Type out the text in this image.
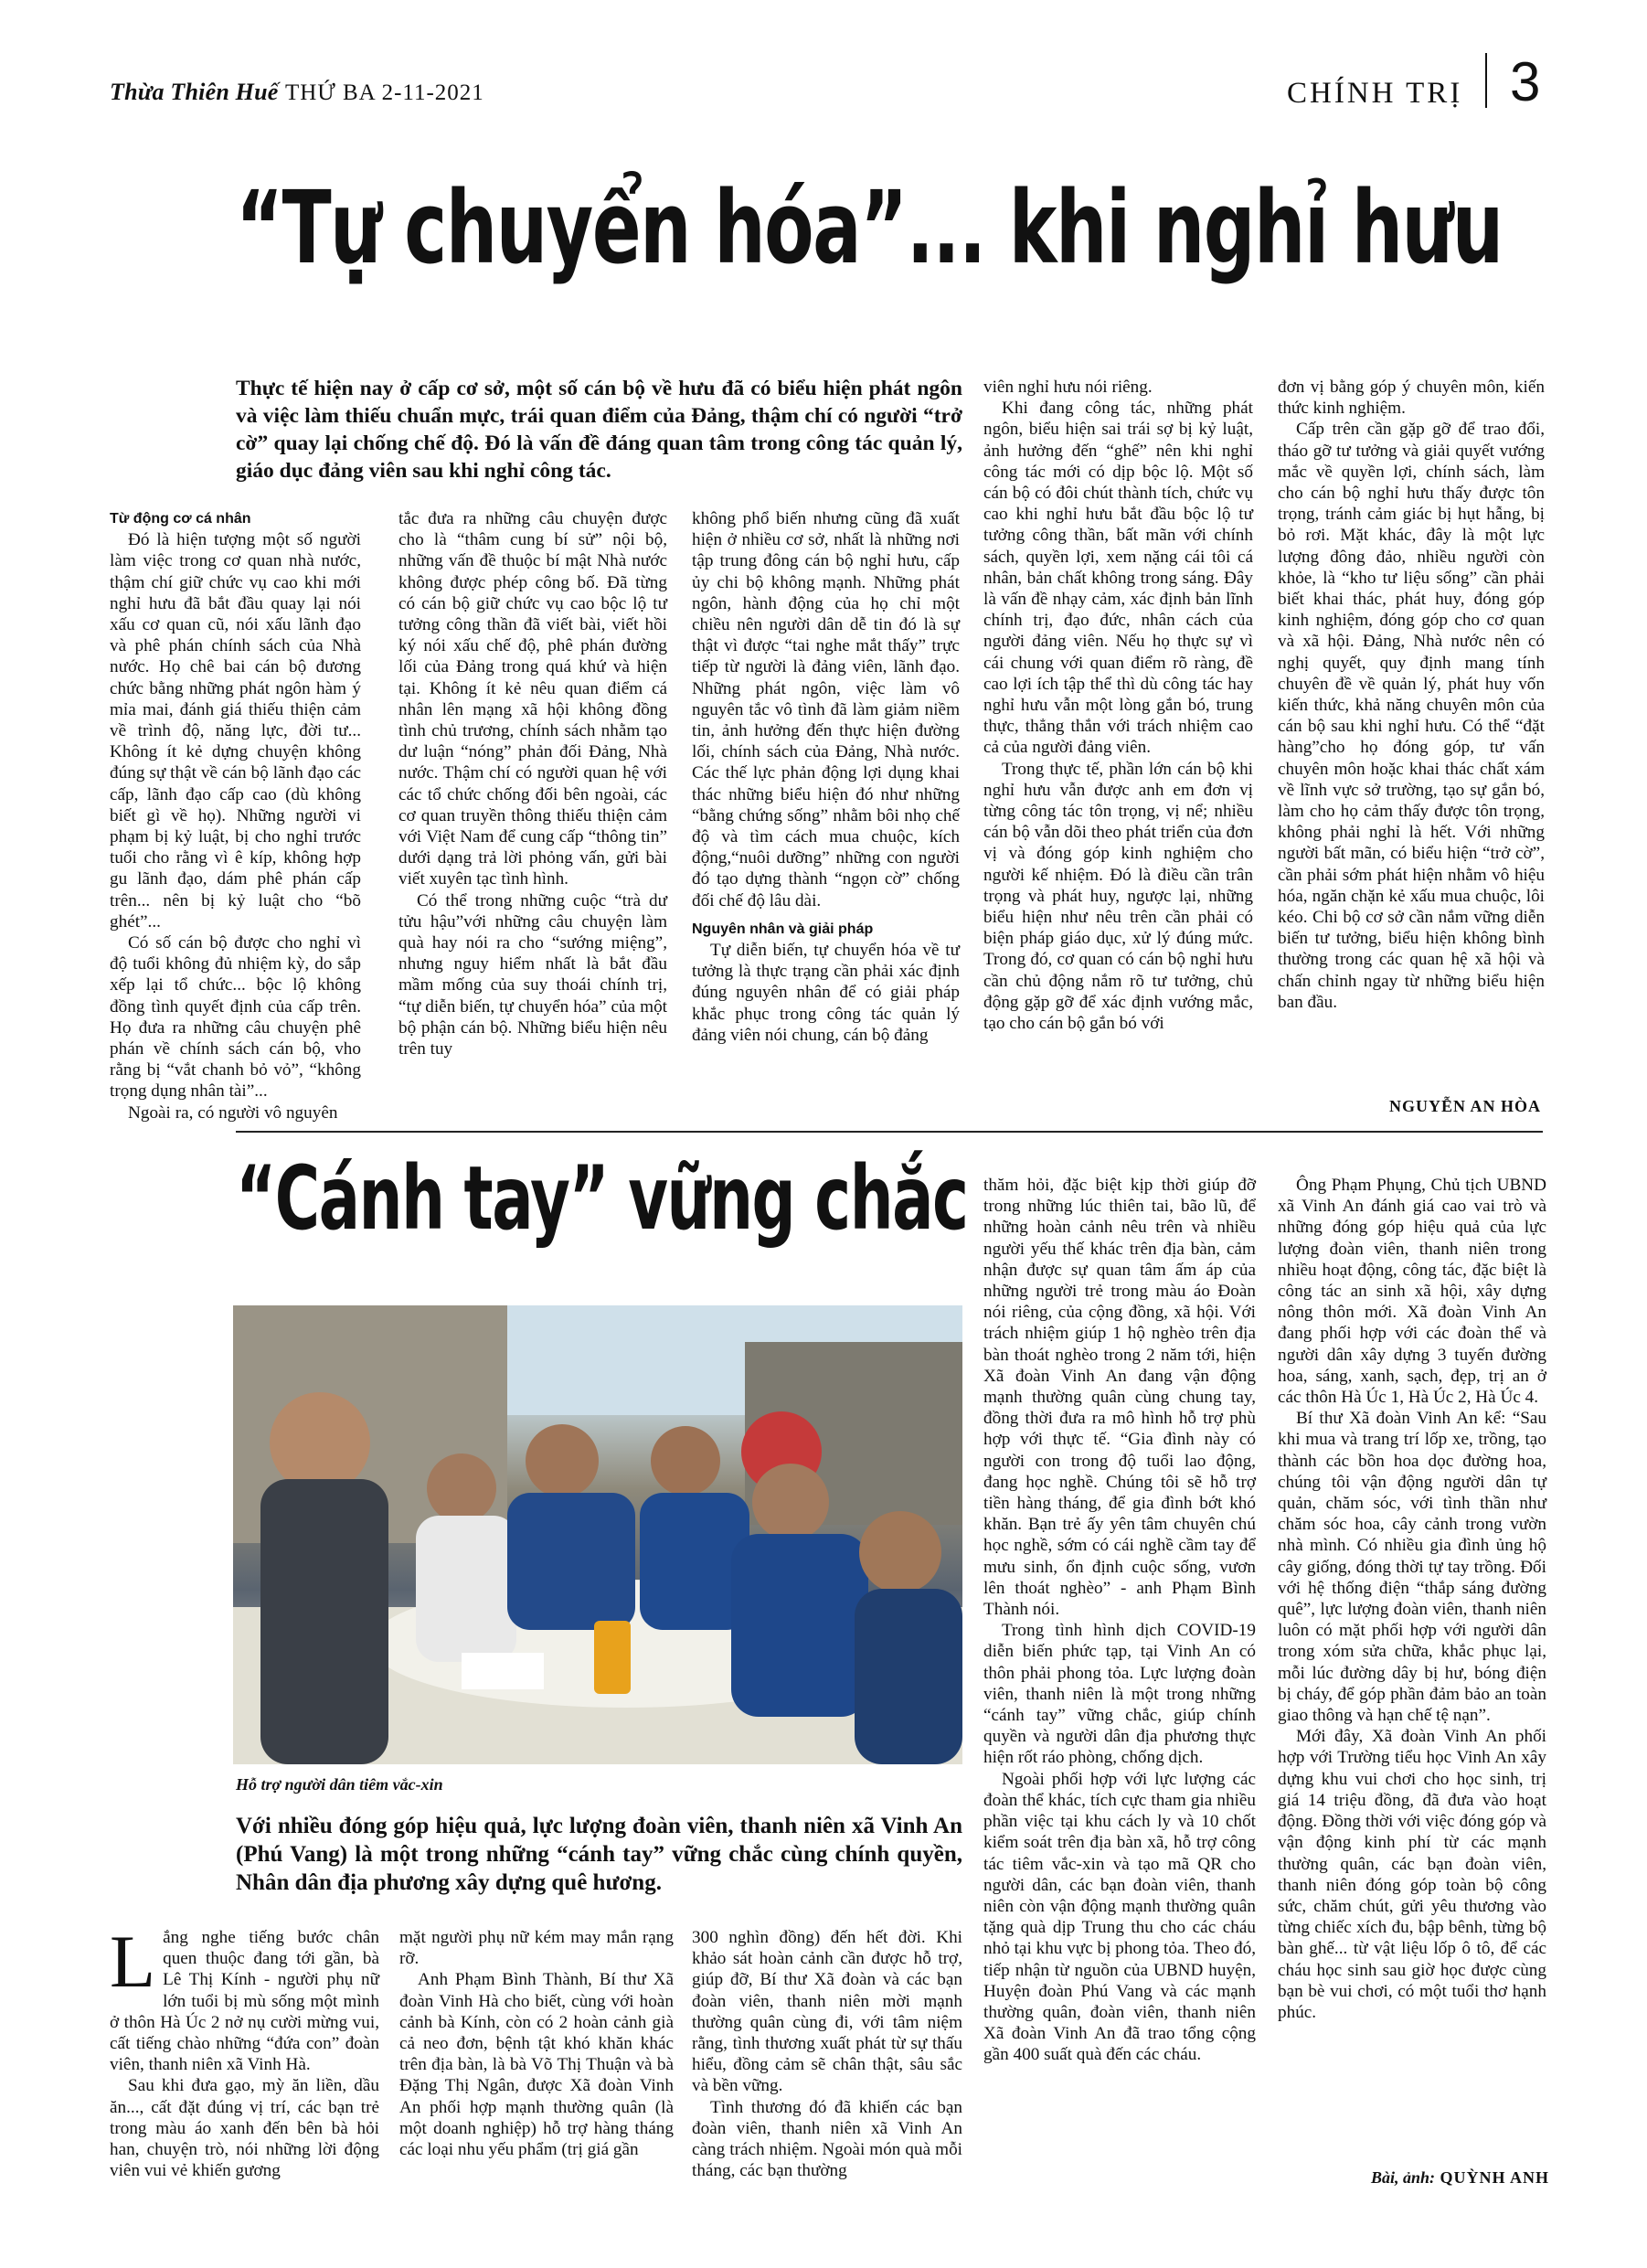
Thừa Thiên Huế THỨ BA 2-11-2021	CHÍNH TRỊ 3
“Tự chuyển hóa”... khi nghỉ hưu
Thực tế hiện nay ở cấp cơ sở, một số cán bộ về hưu đã có biểu hiện phát ngôn và việc làm thiếu chuẩn mực, trái quan điểm của Đảng, thậm chí có người “trở cờ” quay lại chống chế độ. Đó là vấn đề đáng quan tâm trong công tác quản lý, giáo dục đảng viên sau khi nghỉ công tác.

Từ động cơ cá nhân

Đó là hiện tượng một số người làm việc trong cơ quan nhà nước, thậm chí giữ chức vụ cao khi mới nghỉ hưu đã bắt đầu quay lại nói xấu cơ quan cũ, nói xấu lãnh đạo và phê phán chính sách của Nhà nước. Họ chê bai cán bộ đương chức bằng những phát ngôn hàm ý mỉa mai, đánh giá thiếu thiện cảm về trình độ, năng lực, đời tư... Không ít kẻ dựng chuyện không đúng sự thật về cán bộ lãnh đạo các cấp, lãnh đạo cấp cao (dù không biết gì về họ). Những người vi phạm bị kỷ luật, bị cho nghỉ trước tuổi cho rằng vì ê kíp, không hợp gu lãnh đạo, dám phê phán cấp trên... nên bị kỷ luật cho “bõ ghét”...

Có số cán bộ được cho nghỉ vì độ tuổi không đủ nhiệm kỳ, do sắp xếp lại tổ chức... bộc lộ không đồng tình quyết định của cấp trên. Họ đưa ra những câu chuyện phê phán về chính sách cán bộ, vho rằng bị “vắt chanh bỏ vỏ”, “không trọng dụng nhân tài”...

Ngoài ra, có người vô nguyên

tắc đưa ra những câu chuyện được cho là “thâm cung bí sử” nội bộ, những vấn đề thuộc bí mật Nhà nước không được phép công bố. Đã từng có cán bộ giữ chức vụ cao bộc lộ tư tưởng công thần đã viết bài, viết hồi ký nói xấu chế độ, phê phán đường lối của Đảng trong quá khứ và hiện tại. Không ít kẻ nêu quan điểm cá nhân lên mạng xã hội không đồng tình chủ trương, chính sách nhằm tạo dư luận “nóng” phản đối Đảng, Nhà nước. Thậm chí có người quan hệ với các tổ chức chống đối bên ngoài, các cơ quan truyền thông thiếu thiện cảm với Việt Nam để cung cấp “thông tin” dưới dạng trả lời phỏng vấn, gửi bài viết xuyên tạc tình hình.

Có thể trong những cuộc “trà dư tửu hậu”với những câu chuyện làm quà hay nói ra cho “sướng miệng”, nhưng nguy hiểm nhất là bắt đầu mầm mống của suy thoái chính trị, “tự diễn biến, tự chuyển hóa” của một bộ phận cán bộ. Những biểu hiện nêu trên tuy

không phổ biến nhưng cũng đã xuất hiện ở nhiều cơ sở, nhất là những nơi tập trung đông cán bộ nghỉ hưu, cấp ủy chi bộ không mạnh. Những phát ngôn, hành động của họ chỉ một chiều nên người dân dễ tin đó là sự thật vì được “tai nghe mắt thấy” trực tiếp từ người là đảng viên, lãnh đạo. Những phát ngôn, việc làm vô nguyên tắc vô tình đã làm giảm niềm tin, ảnh hưởng đến thực hiện đường lối, chính sách của Đảng, Nhà nước. Các thế lực phản động lợi dụng khai thác những biểu hiện đó như những “bằng chứng sống” nhằm bôi nhọ chế độ và tìm cách mua chuộc, kích động,“nuôi dưỡng” những con người đó tạo dựng thành “ngọn cờ” chống đối chế độ lâu dài.

Nguyên nhân và giải pháp

Tự diễn biến, tự chuyển hóa về tư tưởng là thực trạng cần phải xác định đúng nguyên nhân để có giải pháp khắc phục trong công tác quản lý đảng viên nói chung, cán bộ đảng

viên nghỉ hưu nói riêng.

Khi đang công tác, những phát ngôn, biểu hiện sai trái sợ bị kỷ luật, ảnh hưởng đến “ghế” nên khi nghỉ công tác mới có dịp bộc lộ. Một số cán bộ có đôi chút thành tích, chức vụ cao khi nghỉ hưu bắt đầu bộc lộ tư tưởng công thần, bất mãn với chính sách, quyền lợi, xem nặng cái tôi cá nhân, bản chất không trong sáng. Đây là vấn đề nhạy cảm, xác định bản lĩnh chính trị, đạo đức, nhân cách của người đảng viên. Nếu họ thực sự vì cái chung với quan điểm rõ ràng, đề cao lợi ích tập thể thì dù công tác hay nghỉ hưu vẫn một lòng gắn bó, trung thực, thẳng thắn với trách nhiệm cao cả của người đảng viên.

Trong thực tế, phần lớn cán bộ khi nghỉ hưu vẫn được anh em đơn vị từng công tác tôn trọng, vị nể; nhiều cán bộ vẫn dõi theo phát triển của đơn vị và đóng góp kinh nghiệm cho người kế nhiệm. Đó là điều cần trân trọng và phát huy, ngược lại, những biểu hiện như nêu trên cần phải có biện pháp giáo dục, xử lý đúng mức. Trong đó, cơ quan có cán bộ nghỉ hưu cần chủ động nắm rõ tư tưởng, chủ động gặp gỡ để xác định vướng mắc, tạo cho cán bộ gắn bó với

đơn vị bằng góp ý chuyên môn, kiến thức kinh nghiệm.

Cấp trên cần gặp gỡ để trao đổi, tháo gỡ tư tưởng và giải quyết vướng mắc về quyền lợi, chính sách, làm cho cán bộ nghỉ hưu thấy được tôn trọng, tránh cảm giác bị hụt hẫng, bị bỏ rơi. Mặt khác, đây là một lực lượng đông đảo, nhiều người còn khỏe, là “kho tư liệu sống” cần phải biết khai thác, phát huy, đóng góp kinh nghiệm, đóng góp cho cơ quan và xã hội. Đảng, Nhà nước nên có nghị quyết, quy định mang tính chuyên đề về quản lý, phát huy vốn kiến thức, khả năng chuyên môn của cán bộ sau khi nghỉ hưu. Có thể “đặt hàng”cho họ đóng góp, tư vấn chuyên môn hoặc khai thác chất xám về lĩnh vực sở trường, tạo sự gắn bó, làm cho họ cảm thấy được tôn trọng, không phải nghỉ là hết. Với những người bất mãn, có biểu hiện “trở cờ”, cần phải sớm phát hiện nhằm vô hiệu hóa, ngăn chặn kẻ xấu mua chuộc, lôi kéo. Chi bộ cơ sở cần nắm vững diễn biến tư tưởng, biểu hiện không bình thường trong các quan hệ xã hội và chấn chỉnh ngay từ những biểu hiện ban đầu.

NGUYỄN AN HÒA
“Cánh tay” vững chắc
Hỗ trợ người dân tiêm vắc-xin
Với nhiều đóng góp hiệu quả, lực lượng đoàn viên, thanh niên xã Vinh An (Phú Vang) là một trong những “cánh tay” vững chắc cùng chính quyền, Nhân dân địa phương xây dựng quê hương.

Lắng nghe tiếng bước chân quen thuộc đang tới gần, bà Lê Thị Kính - người phụ nữ lớn tuổi bị mù sống một mình ở thôn Hà Úc 2 nở nụ cười mừng vui, cất tiếng chào những “đứa con” đoàn viên, thanh niên xã Vinh Hà.

Sau khi đưa gạo, mỳ ăn liền, dầu ăn..., cất đặt đúng vị trí, các bạn trẻ trong màu áo xanh đến bên bà hỏi han, chuyện trò, nói những lời động viên vui vẻ khiến gương

mặt người phụ nữ kém may mắn rạng rỡ.

Anh Phạm Bình Thành, Bí thư Xã đoàn Vinh Hà cho biết, cùng với hoàn cảnh bà Kính, còn có 2 hoàn cảnh già cả neo đơn, bệnh tật khó khăn khác trên địa bàn, là bà Võ Thị Thuận và bà Đặng Thị Ngân, được Xã đoàn Vinh An phối hợp mạnh thường quân (là một doanh nghiệp) hỗ trợ hàng tháng các loại nhu yếu phẩm (trị giá gần

300 nghìn đồng) đến hết đời. Khi khảo sát hoàn cảnh cần được hỗ trợ, giúp đỡ, Bí thư Xã đoàn và các bạn đoàn viên, thanh niên mời mạnh thường quân cùng đi, với tâm niệm rằng, tình thương xuất phát từ sự thấu hiểu, đồng cảm sẽ chân thật, sâu sắc và bền vững.

Tình thương đó đã khiến các bạn đoàn viên, thanh niên xã Vinh An càng trách nhiệm. Ngoài món quà mỗi tháng, các bạn thường

thăm hỏi, đặc biệt kịp thời giúp đỡ trong những lúc thiên tai, bão lũ, để những hoàn cảnh nêu trên và nhiều người yếu thế khác trên địa bàn, cảm nhận được sự quan tâm ấm áp của những người trẻ trong màu áo Đoàn nói riêng, của cộng đồng, xã hội. Với trách nhiệm giúp 1 hộ nghèo trên địa bàn thoát nghèo trong 2 năm tới, hiện Xã đoàn Vinh An đang vận động mạnh thường quân cùng chung tay, đồng thời đưa ra mô hình hỗ trợ phù hợp với thực tế. “Gia đình này có người con trong độ tuổi lao động, đang học nghề. Chúng tôi sẽ hỗ trợ tiền hàng tháng, để gia đình bớt khó khăn. Bạn trẻ ấy yên tâm chuyên chú học nghề, sớm có cái nghề cầm tay để mưu sinh, ổn định cuộc sống, vươn lên thoát nghèo” - anh Phạm Bình Thành nói.

Trong tình hình dịch COVID-19 diễn biến phức tạp, tại Vinh An có thôn phải phong tỏa. Lực lượng đoàn viên, thanh niên là một trong những “cánh tay” vững chắc, giúp chính quyền và người dân địa phương thực hiện rốt ráo phòng, chống dịch.

Ngoài phối hợp với lực lượng các đoàn thể khác, tích cực tham gia nhiều phần việc tại khu cách ly và 10 chốt kiểm soát trên địa bàn xã, hỗ trợ công tác tiêm vắc-xin và tạo mã QR cho người dân, các bạn đoàn viên, thanh niên còn vận động mạnh thường quân tặng quà dịp Trung thu cho các cháu nhỏ tại khu vực bị phong tỏa. Theo đó, tiếp nhận từ nguồn của UBND huyện, Huyện đoàn Phú Vang và các mạnh thường quân, đoàn viên, thanh niên Xã đoàn Vinh An đã trao tổng cộng gần 400 suất quà đến các cháu.

Ông Phạm Phụng, Chủ tịch UBND xã Vinh An đánh giá cao vai trò và những đóng góp hiệu quả của lực lượng đoàn viên, thanh niên trong nhiều hoạt động, công tác, đặc biệt là công tác an sinh xã hội, xây dựng nông thôn mới. Xã đoàn Vinh An đang phối hợp với các đoàn thể và người dân xây dựng 3 tuyến đường hoa, sáng, xanh, sạch, đẹp, trị an ở các thôn Hà Úc 1, Hà Úc 2, Hà Úc 4.

Bí thư Xã đoàn Vinh An kể: “Sau khi mua và trang trí lốp xe, trồng, tạo thành các bồn hoa dọc đường hoa, chúng tôi vận động người dân tự quản, chăm sóc, với tình thần như chăm sóc hoa, cây cảnh trong vườn nhà mình. Có nhiều gia đình ủng hộ cây giống, đóng thời tự tay trồng. Đối với hệ thống điện “thắp sáng đường quê”, lực lượng đoàn viên, thanh niên luôn có mặt phối hợp với người dân trong xóm sửa chữa, khắc phục lại, mỗi lúc đường dây bị hư, bóng điện bị cháy, để góp phần đảm bảo an toàn giao thông và hạn chế tệ nạn”.

Mới đây, Xã đoàn Vinh An phối hợp với Trường tiểu học Vinh An xây dựng khu vui chơi cho học sinh, trị giá 14 triệu đồng, đã đưa vào hoạt động. Đồng thời với việc đóng góp và vận động kinh phí từ các mạnh thường quân, các bạn đoàn viên, thanh niên đóng góp toàn bộ công sức, chăm chút, gửi yêu thương vào từng chiếc xích đu, bập bênh, từng bộ bàn ghế... từ vật liệu lốp ô tô, để các cháu học sinh sau giờ học được cùng bạn bè vui chơi, có một tuổi thơ hạnh phúc.

Bài, ảnh: QUỲNH ANH
